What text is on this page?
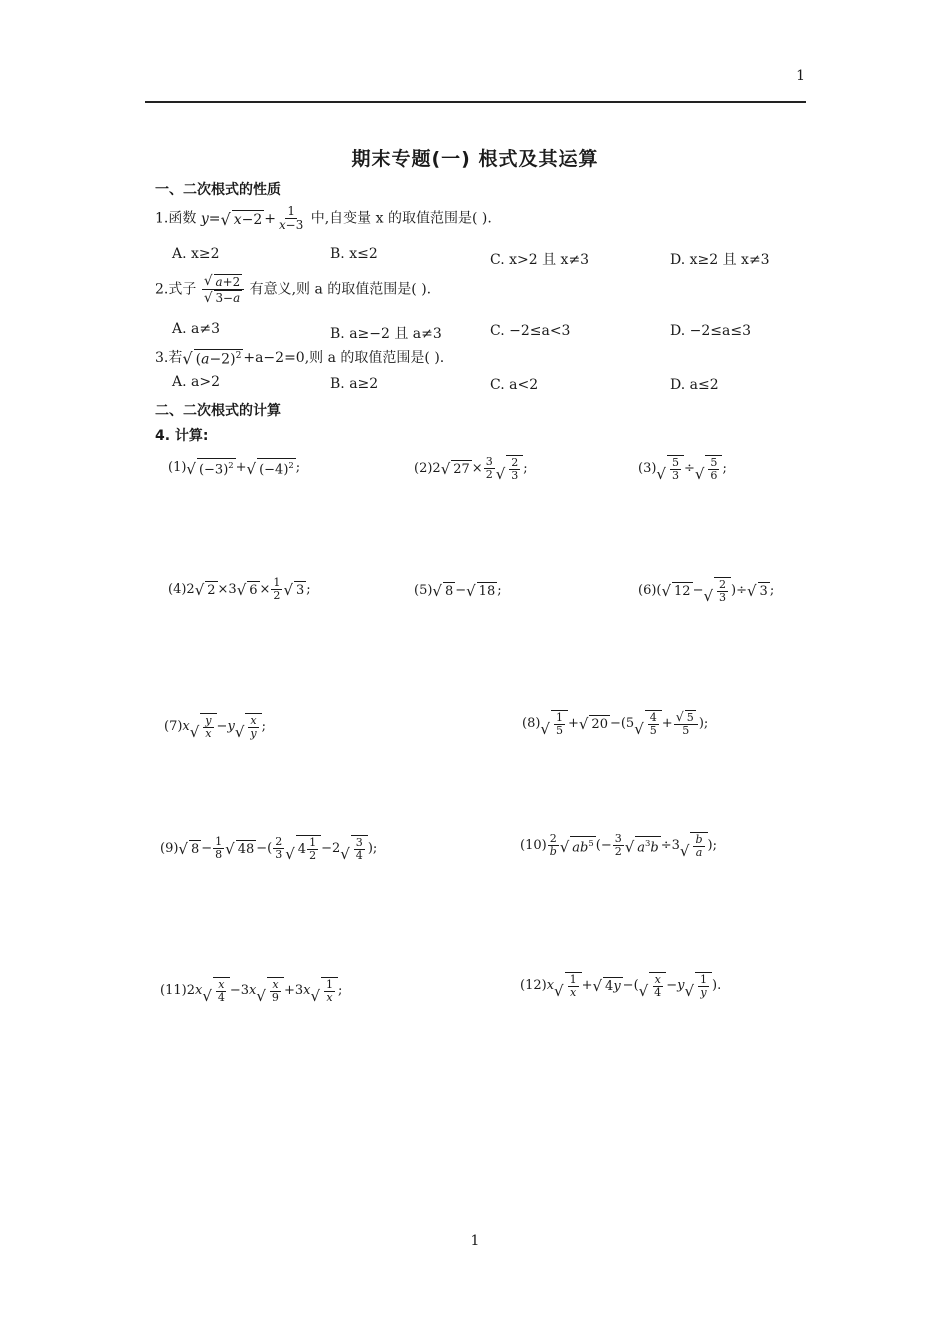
1
期末专题(一) 根式及其运算
一、二次根式的性质
1.函数 y= √ $x-2 + \frac{1}{x-3}$ 中,自变量 x 的取值范围是( ).
A. x≥2	B. x≤2	C. x>2 且 x≠3	D. x≥2 且 x≠3
2.式子 $\frac{√ a+2}{√ 3-a}$ 有意义,则 a 的取值范围是( ).
A. a≠3	B. a≥−2 且 a≠3	C. −2≤a<3	D. −2≤a≤3
3.若 √ $(a-2)^2 +a-2=0$,则 a 的取值范围是( ).
A. a>2	B. a≥2	C. a<2	D. a≤2
二、二次根式的计算
4. 计算:
(1) √ $(-3)^2$ + √ $(-4)^2$ ;	(2)2 √ $27 \times \frac{3}{2}$ √ $\frac{2}{3}$ ;	(3) √ $\frac{5}{3}$ ÷ √ $\frac{5}{6}$ ;
(4)2 √ 2 ×3 √ $6 \times \frac{1}{2}$ √ 3 ;	(5) √ 8 − √ 18 ;	(6)( √ 12 − √ $\frac{2}{3}$ )÷ √ 3 ;
(7)x √ $\frac{y}{x} -y$ √ $\frac{x}{y}$ ;	(8) √ $\frac{1}{5}$ + √ 20 −(5 √ $\frac{4}{5} + \frac{√ 5}{5}$ );
(9) √ $8 - \frac{1}{8}$ √ 48 −( $\frac{2}{3}$ √ $4 \frac{1}{2} -2$ √ $\frac{3}{4}$ );	$(10) \frac{2}{b}$ √ $ab^5$ (− $\frac{3}{2}$ √ $a^3b \div 3$ √ $\frac{b}{a}$ );
(11)2x √ $\frac{x}{4} -3x$ √ $\frac{x}{9} +3x$ √ $\frac{1}{x}$ ;	(12)x √ $\frac{1}{x}$ + √ 4y −( √ $\frac{x}{4} -y$ √ $\frac{1}{y}$ ).
1
